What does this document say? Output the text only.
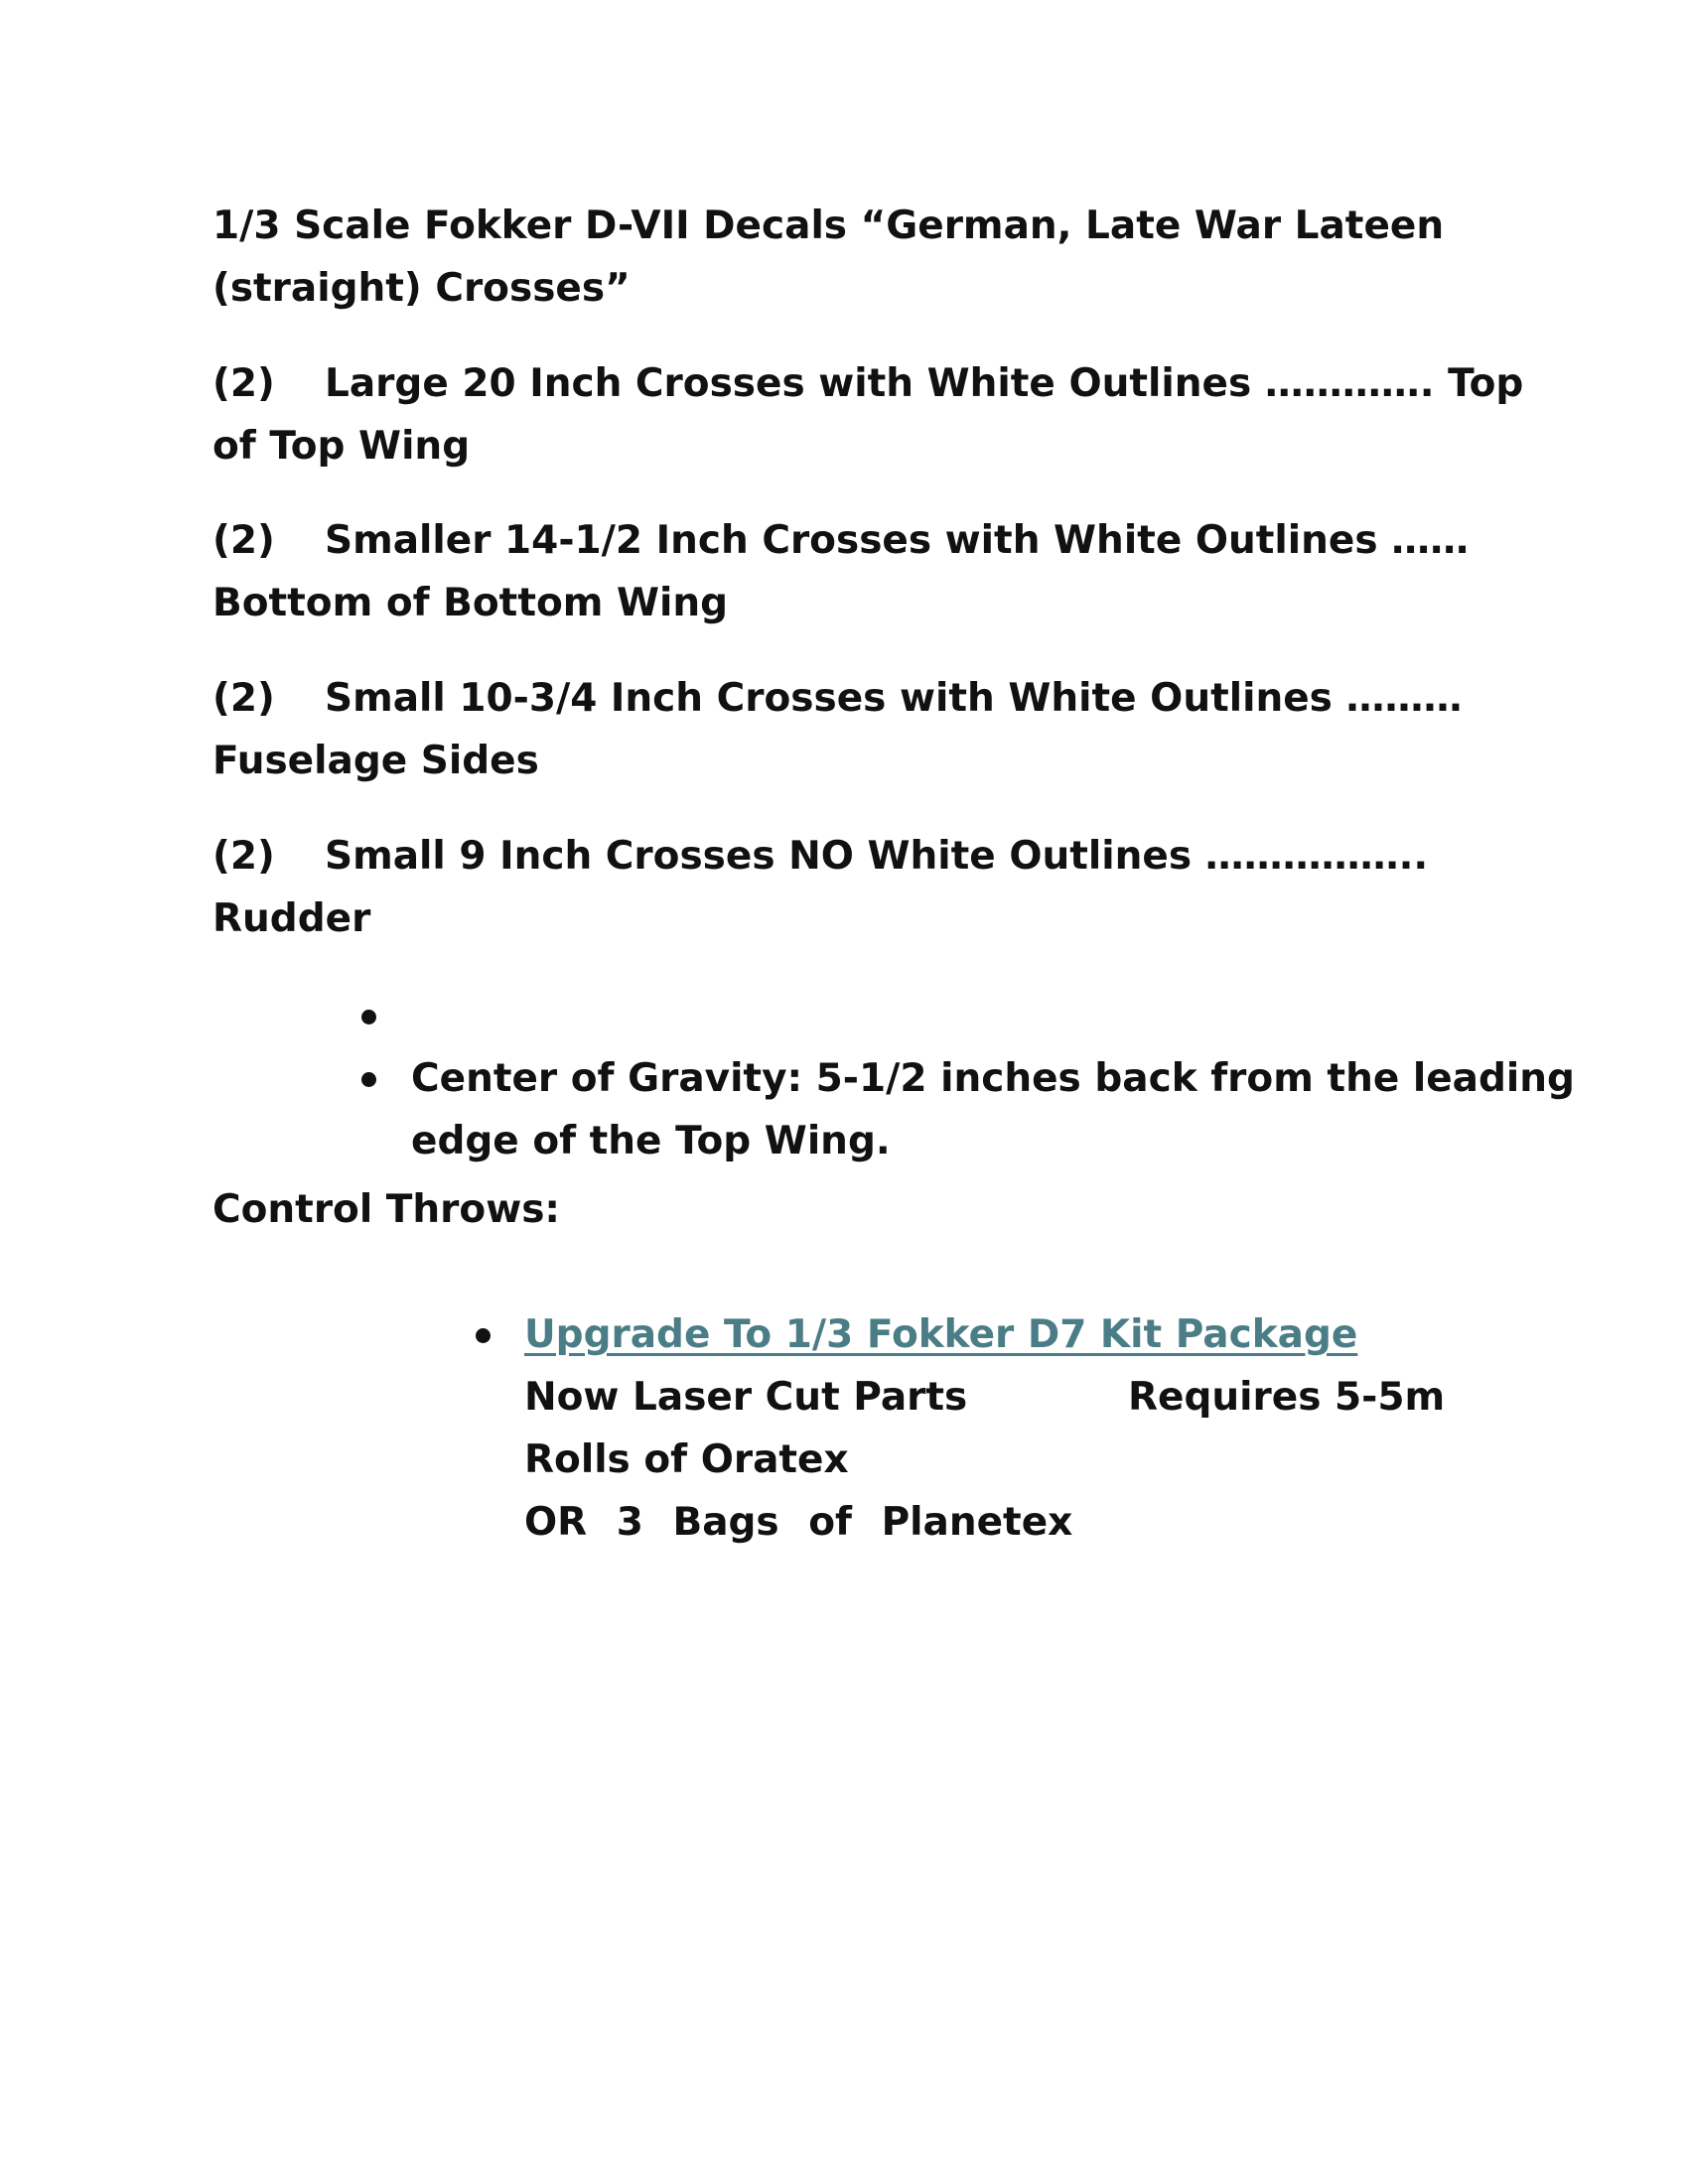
1/3 Scale Fokker D-VII Decals “German, Late War Lateen
(straight) Crosses”
(2) Large 20 Inch Crosses with White Outlines …………. Top
of Top Wing
(2) Smaller 14-1/2 Inch Crosses with White Outlines ……
Bottom of Bottom Wing
(2) Small 10-3/4 Inch Crosses with White Outlines ………
Fuselage Sides
(2) Small 9 Inch Crosses NO White Outlines ……………..
Rudder
Center of Gravity: 5-1/2 inches back from the leading
edge of the Top Wing.
Control Throws:
Upgrade To 1/3 Fokker D7 Kit Package
Now Laser Cut Parts	Requires 5-5m
Rolls of Oratex
OR 3 Bags of Planetex
